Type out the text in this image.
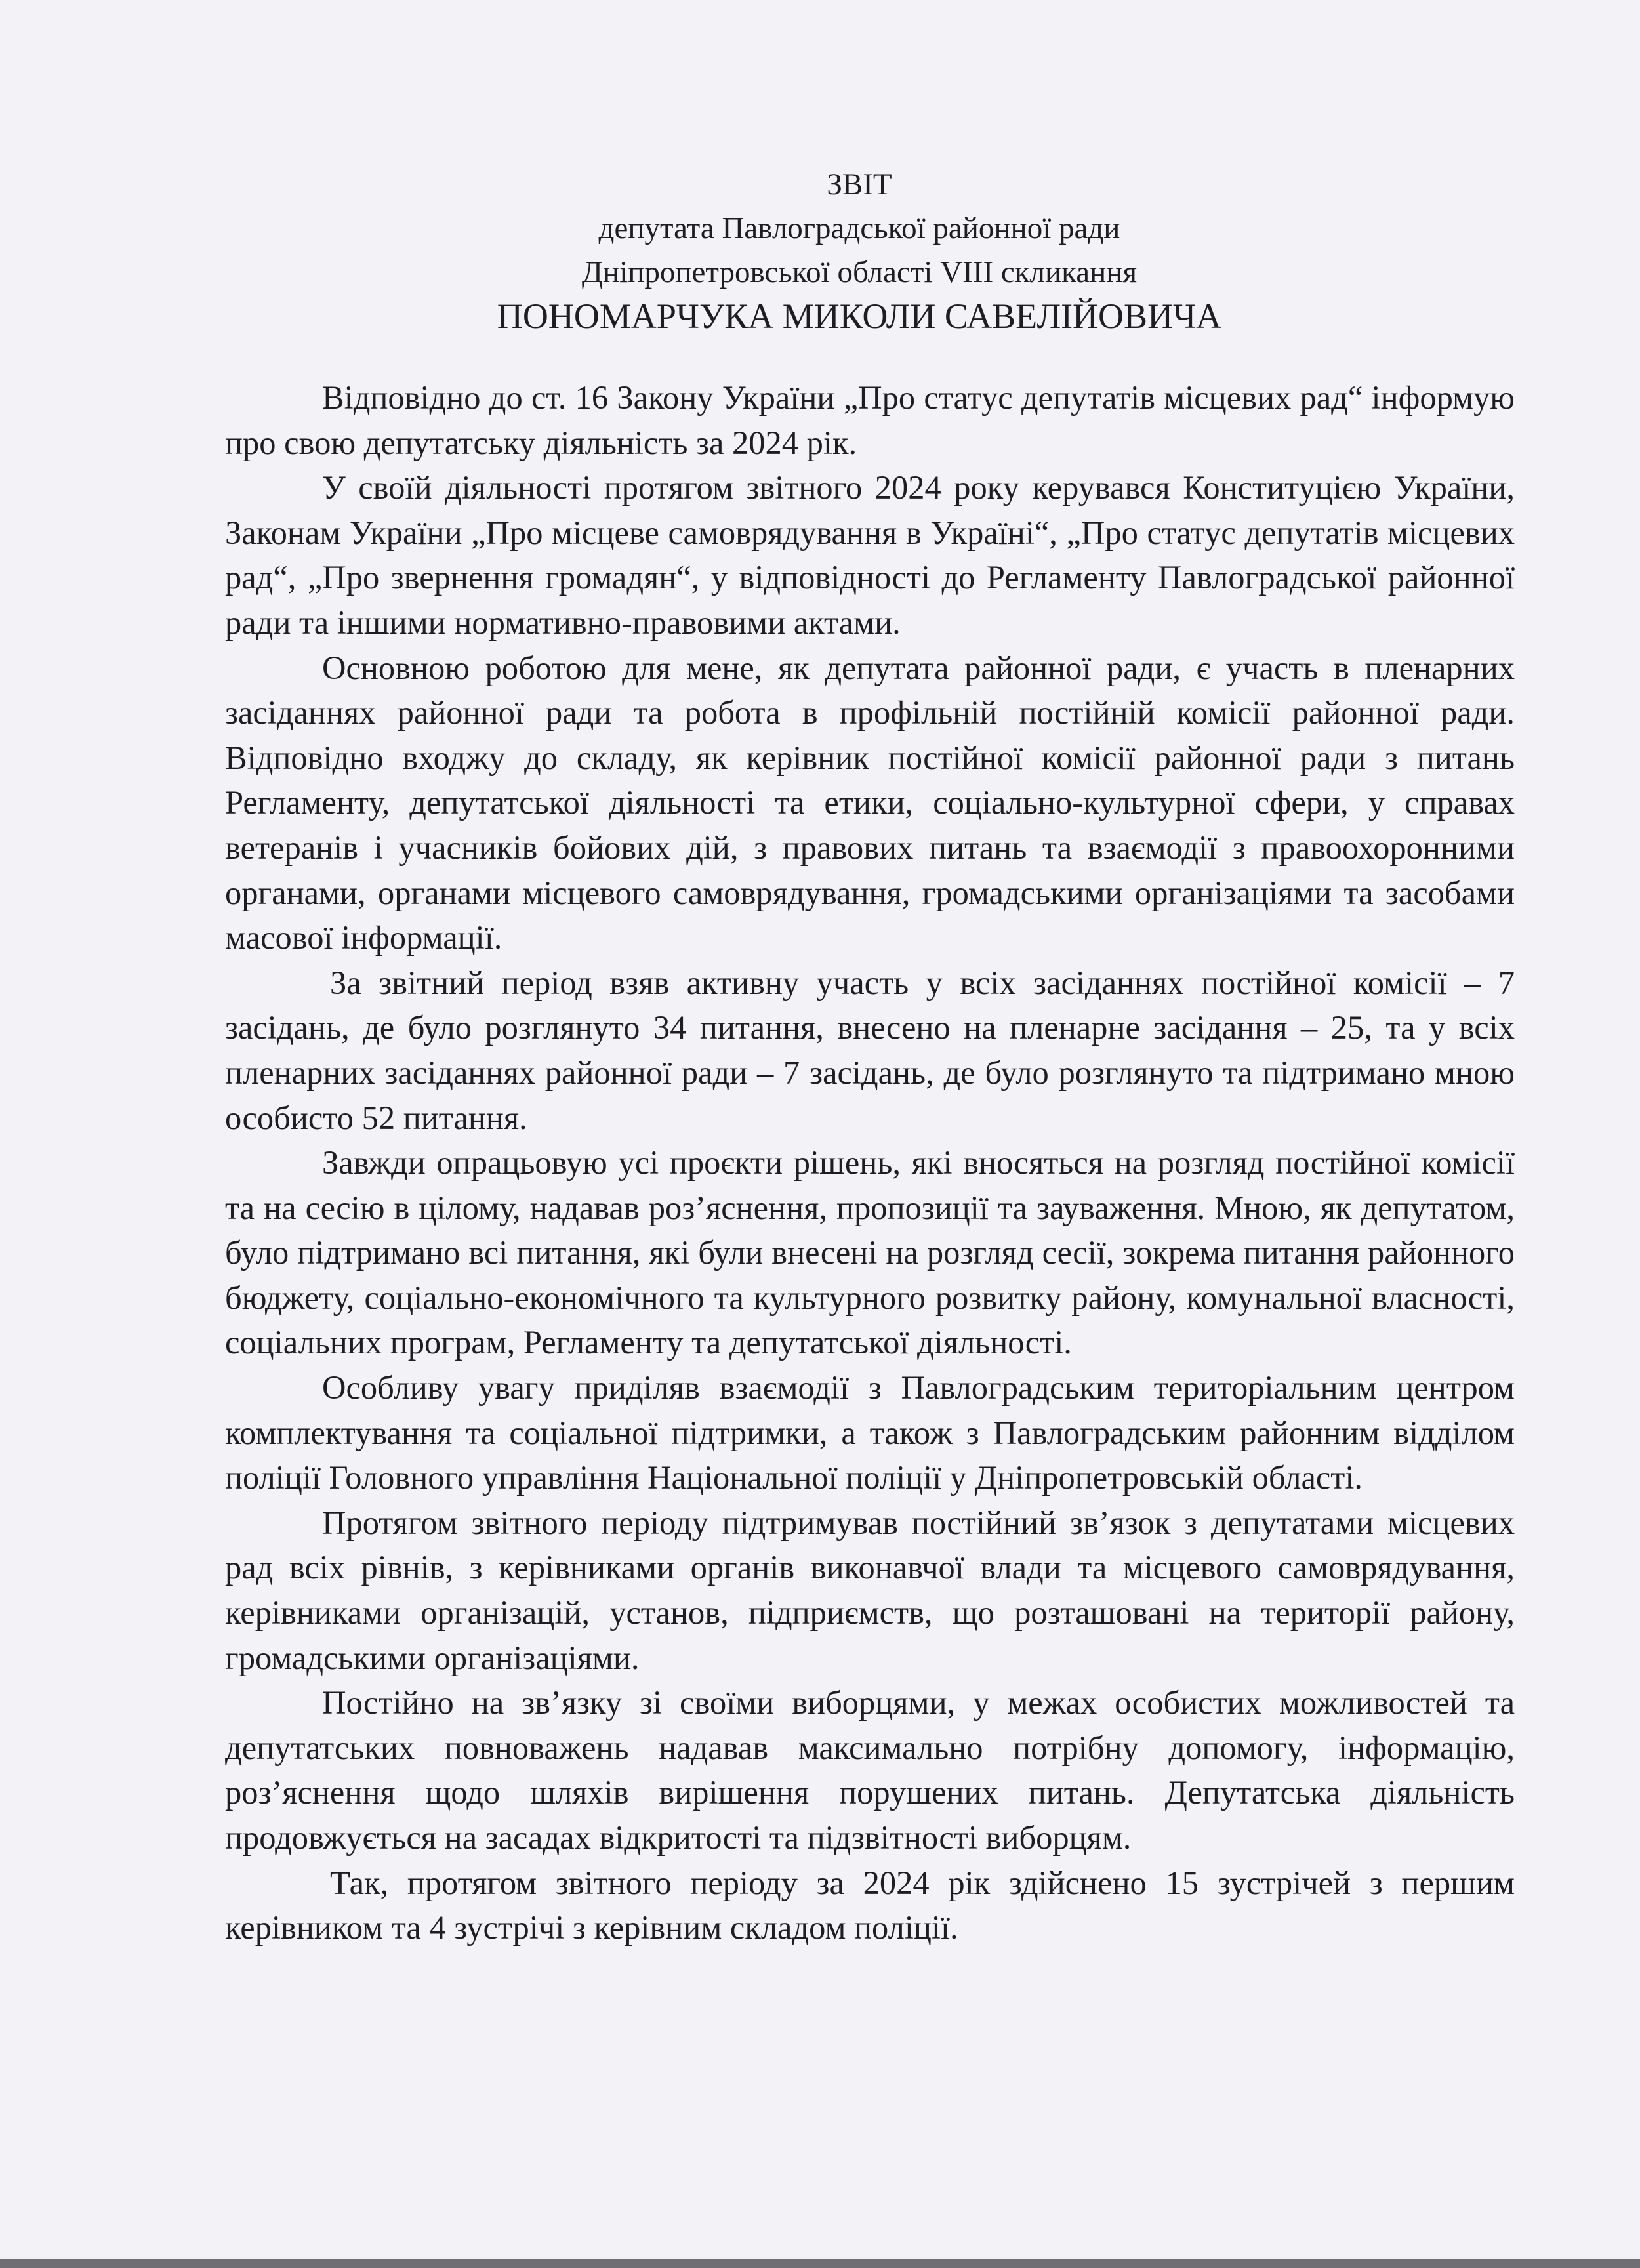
ЗВІТ
депутата Павлоградської районної ради
Дніпропетровської області VIII скликання
ПОНОМАРЧУКА МИКОЛИ САВЕЛІЙОВИЧА

Відповідно до ст. 16 Закону України „Про статус депутатів місцевих рад“ інформую про свою депутатську діяльність за 2024 рік.

У своїй діяльності протягом звітного 2024 року керувався Конституцією України, Законам України „Про місцеве самоврядування в Україні“, „Про статус депутатів місцевих рад“, „Про звернення громадян“, у відповідності до Регламенту Павлоградської районної ради та іншими нормативно-правовими актами.

Основною роботою для мене, як депутата районної ради, є участь в пленарних засіданнях районної ради та робота в профільній постійній комісії районної ради. Відповідно входжу до складу, як керівник постійної комісії районної ради з питань Регламенту, депутатської діяльності та етики, соціально-культурної сфери, у справах ветеранів і учасників бойових дій, з правових питань та взаємодії з правоохоронними органами, органами місцевого самоврядування, громадськими організаціями та засобами масової інформації.

За звітний період взяв активну участь у всіх засіданнях постійної комісії – 7 засідань, де було розглянуто 34 питання, внесено на пленарне засідання – 25, та у всіх пленарних засіданнях районної ради – 7 засідань, де було розглянуто та підтримано мною особисто 52 питання.

Завжди опрацьовую усі проєкти рішень, які вносяться на розгляд постійної комісії та на сесію в цілому, надавав роз’яснення, пропозиції та зауваження. Мною, як депутатом, було підтримано всі питання, які були внесені на розгляд сесії, зокрема питання районного бюджету, соціально-економічного та культурного розвитку району, комунальної власності, соціальних програм, Регламенту та депутатської діяльності.

Особливу увагу приділяв взаємодії з Павлоградським територіальним центром комплектування та соціальної підтримки, а також з Павлоградським районним відділом поліції Головного управління Національної поліції у Дніпропетровській області.

Протягом звітного періоду підтримував постійний зв’язок з депутатами місцевих рад всіх рівнів, з керівниками органів виконавчої влади та місцевого самоврядування, керівниками організацій, установ, підприємств, що розташовані на території району, громадськими організаціями.

Постійно на зв’язку зі своїми виборцями, у межах особистих можливостей та депутатських повноважень надавав максимально потрібну допомогу, інформацію, роз’яснення щодо шляхів вирішення порушених питань. Депутатська діяльність продовжується на засадах відкритості та підзвітності виборцям.

Так, протягом звітного періоду за 2024 рік здійснено 15 зустрічей з першим керівником та 4 зустрічі з керівним складом поліції.
